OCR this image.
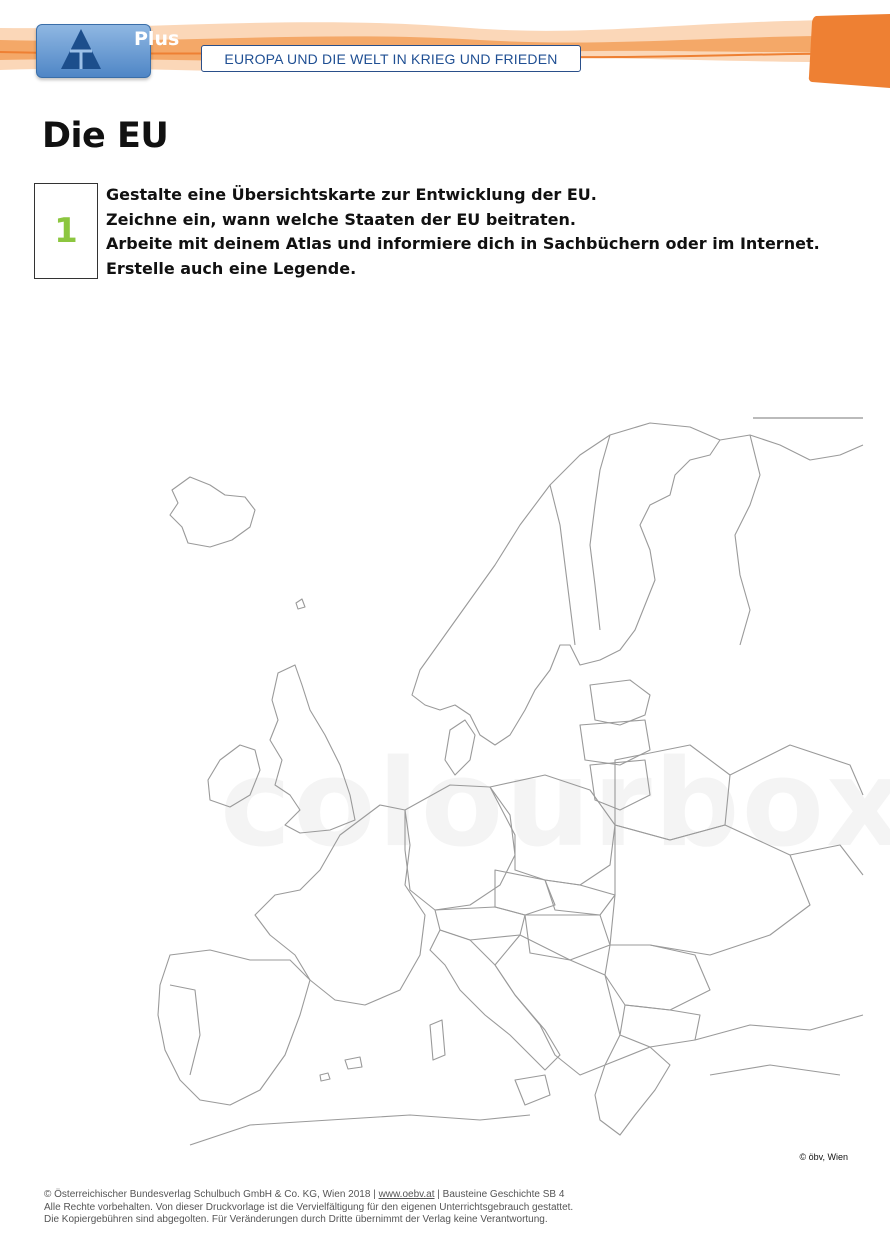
Plus
EUROPA UND DIE WELT IN KRIEG UND FRIEDEN
Die EU
1
Gestalte eine Übersichtskarte zur Entwicklung der EU.
Zeichne ein, wann welche Staaten der EU beitraten.
Arbeite mit deinem Atlas und informiere dich in Sachbüchern oder im Internet.
Erstelle auch eine Legende.
© öbv, Wien
© Österreichischer Bundesverlag Schulbuch GmbH & Co. KG, Wien 2018 | www.oebv.at | Bausteine Geschichte SB 4
Alle Rechte vorbehalten. Von dieser Druckvorlage ist die Vervielfältigung für den eigenen Unterrichtsgebrauch gestattet.
Die Kopiergebühren sind abgegolten. Für Veränderungen durch Dritte übernimmt der Verlag keine Verantwortung.
